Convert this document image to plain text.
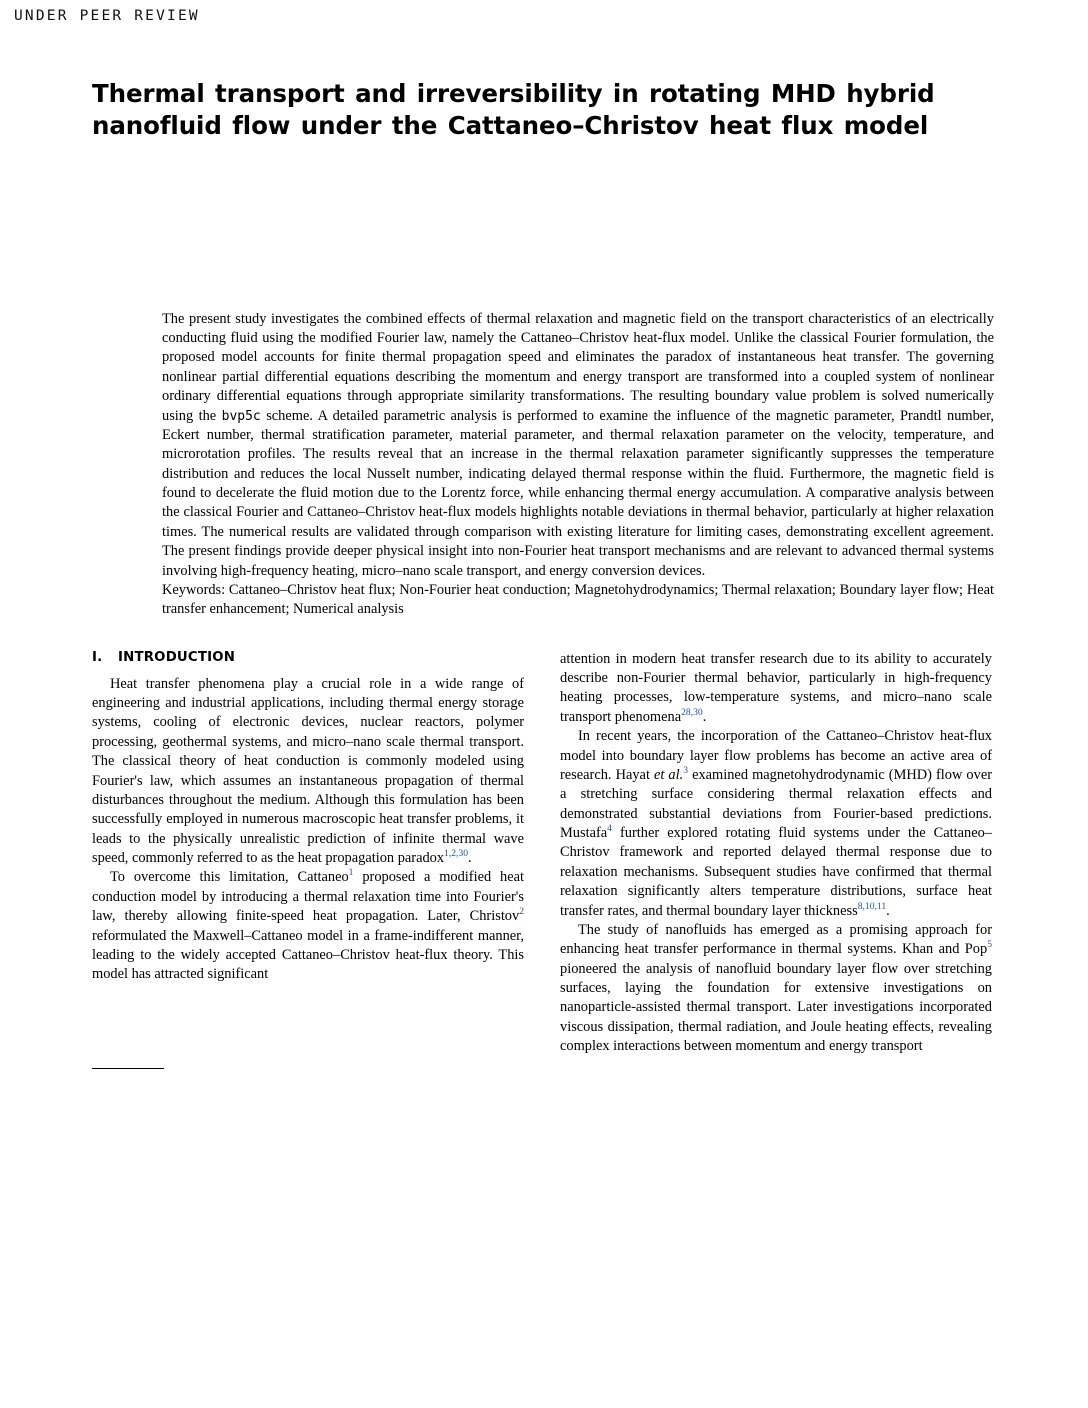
UNDER PEER REVIEW
Thermal transport and irreversibility in rotating MHD hybrid nanofluid flow under the Cattaneo–Christov heat flux model

The present study investigates the combined effects of thermal relaxation and magnetic field on the transport characteristics of an electrically conducting fluid using the modified Fourier law, namely the Cattaneo–Christov heat-flux model. Unlike the classical Fourier formulation, the proposed model accounts for finite thermal propagation speed and eliminates the paradox of instantaneous heat transfer. The governing nonlinear partial differential equations describing the momentum and energy transport are transformed into a coupled system of nonlinear ordinary differential equations through appropriate similarity transformations. The resulting boundary value problem is solved numerically using the bvp5c scheme. A detailed parametric analysis is performed to examine the influence of the magnetic parameter, Prandtl number, Eckert number, thermal stratification parameter, material parameter, and thermal relaxation parameter on the velocity, temperature, and microrotation profiles. The results reveal that an increase in the thermal relaxation parameter significantly suppresses the temperature distribution and reduces the local Nusselt number, indicating delayed thermal response within the fluid. Furthermore, the magnetic field is found to decelerate the fluid motion due to the Lorentz force, while enhancing thermal energy accumulation. A comparative analysis between the classical Fourier and Cattaneo–Christov heat-flux models highlights notable deviations in thermal behavior, particularly at higher relaxation times. The numerical results are validated through comparison with existing literature for limiting cases, demonstrating excellent agreement. The present findings provide deeper physical insight into non-Fourier heat transport mechanisms and are relevant to advanced thermal systems involving high-frequency heating, micro–nano scale transport, and energy conversion devices.

Keywords: Cattaneo–Christov heat flux; Non-Fourier heat conduction; Magnetohydrodynamics; Thermal relaxation; Boundary layer flow; Heat transfer enhancement; Numerical analysis

I. INTRODUCTION

Heat transfer phenomena play a crucial role in a wide range of engineering and industrial applications, including thermal energy storage systems, cooling of electronic devices, nuclear reactors, polymer processing, geothermal systems, and micro–nano scale thermal transport. The classical theory of heat conduction is commonly modeled using Fourier's law, which assumes an instantaneous propagation of thermal disturbances throughout the medium. Although this formulation has been successfully employed in numerous macroscopic heat transfer problems, it leads to the physically unrealistic prediction of infinite thermal wave speed, commonly referred to as the heat propagation paradox$^{1,2,30}$.

To overcome this limitation, Cattaneo$^1$ proposed a modified heat conduction model by introducing a thermal relaxation time into Fourier's law, thereby allowing finite-speed heat propagation. Later, Christov$^2$ reformulated the Maxwell–Cattaneo model in a frame-indifferent manner, leading to the widely accepted Cattaneo–Christov heat-flux theory. This model has attracted significant

attention in modern heat transfer research due to its ability to accurately describe non-Fourier thermal behavior, particularly in high-frequency heating processes, low-temperature systems, and micro–nano scale transport phenomena$^{28,30}$.

In recent years, the incorporation of the Cattaneo–Christov heat-flux model into boundary layer flow problems has become an active area of research. Hayat et al.$^3$ examined magnetohydrodynamic (MHD) flow over a stretching surface considering thermal relaxation effects and demonstrated substantial deviations from Fourier-based predictions. Mustafa$^4$ further explored rotating fluid systems under the Cattaneo–Christov framework and reported delayed thermal response due to relaxation mechanisms. Subsequent studies have confirmed that thermal relaxation significantly alters temperature distributions, surface heat transfer rates, and thermal boundary layer thickness$^{8,10,11}$.

The study of nanofluids has emerged as a promising approach for enhancing heat transfer performance in thermal systems. Khan and Pop$^5$ pioneered the analysis of nanofluid boundary layer flow over stretching surfaces, laying the foundation for extensive investigations on nanoparticle-assisted thermal transport. Later investigations incorporated viscous dissipation, thermal radiation, and Joule heating effects, revealing complex interactions between momentum and energy transport
